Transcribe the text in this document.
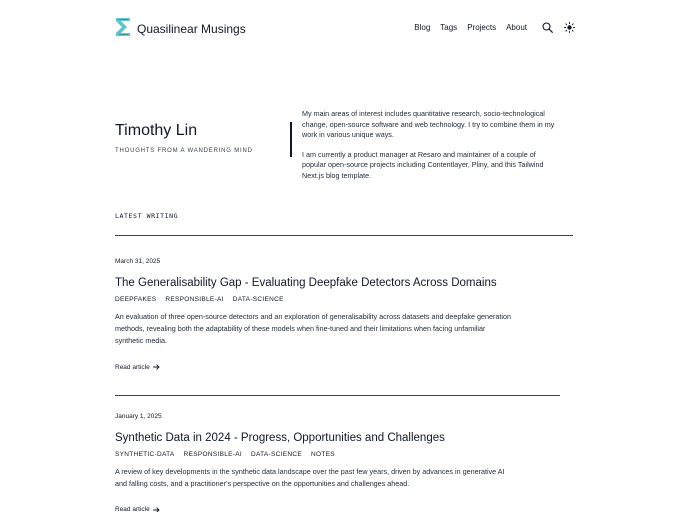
Quasilinear Musings	Blog Tags Projects About
Timothy Lin
THOUGHTS FROM A WANDERING MIND

My main areas of interest includes quantitative research, socio-technological change, open-source software and web technology. I try to combine them in my work in various unique ways.

I am currently a product manager at Resaro and maintainer of a couple of popular open-source projects including Contentlayer, Pliny, and this Tailwind Next.js blog template.

LATEST WRITING
March 31, 2025
The Generalisability Gap - Evaluating Deepfake Detectors Across Domains
DEEPFAKES RESPONSIBLE-AI DATA-SCIENCE
An evaluation of three open-source detectors and an exploration of generalisability across datasets and deepfake generation methods, revealing both the adaptability of these models when fine-tuned and their limitations when facing unfamiliar synthetic media.
Read article
January 1, 2025
Synthetic Data in 2024 - Progress, Opportunities and Challenges
SYNTHETIC-DATA RESPONSIBLE-AI DATA-SCIENCE NOTES
A review of key developments in the synthetic data landscape over the past few years, driven by advances in generative AI and falling costs, and a practitioner's perspective on the opportunities and challenges ahead.
Read article
